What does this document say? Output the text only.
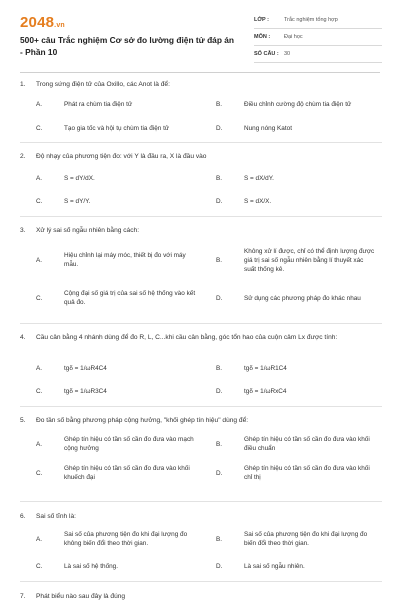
2048.vn
500+ câu Trắc nghiệm Cơ sở đo lường điện tử đáp án - Phần 10
LỚP :	Trắc nghiệm tổng hợp
MÔN :	Đại học
SỐ CÂU : 30
1. Trong sứng điện tử của Oxillo, các Anot là để:
A.	Phát ra chùm tia điện tử	B.	Điều chỉnh cường độ chùm tia điện tử
C.	Tạo gia tốc và hội tụ chùm tia điện tử	D.	Nung nóng Katot
2. Độ nhạy của phương tiện đo: với Y là đầu ra, X là đầu vào
A.	S = dY/dX.	B.	S = dX/dY.
C.	S = dY/Y.	D.	S = dX/X.
3. Xử lý sai số ngẫu nhiên bằng cách:
A.
Hiệu chỉnh lại máy móc, thiết bị đo với máy mẫu.
B.
Không xử lí được, chỉ có thể định lượng được giá trị sai số ngẫu nhiên bằng lí thuyết xác suất thống kê.
C.
Cộng đại số giá trị của sai số hệ thống vào kết quả đo.
D.	Sử dụng các phương pháp đo khác nhau
4. Cầu cân bằng 4 nhánh dùng để đo R, L, C...khi cầu cân bằng, góc tổn hao của cuộn cảm Lx được tính:
A.	tgδ = 1/ωR4C4	B.	tgδ = 1/ωR1C4
C.	tgδ = 1/ωR3C4	D.	tgδ = 1/ωRxC4
5. Đo tần số bằng phương pháp cộng hưởng, "khối ghép tín hiệu" dùng để:
A.
Ghép tín hiệu có tần số cần đo đưa vào mạch cộng hưởng
B.
Ghép tín hiệu có tần số cần đo đưa vào khối điều chuẩn
C.
Ghép tín hiệu có tần số cần đo đưa vào khối khuếch đại
D.
Ghép tín hiệu có tần số cần đo đưa vào khối chỉ thị
6. Sai số tĩnh là:
A.
Sai số của phương tiện đo khi đại lượng đo không biến đổi theo thời gian.
B.
Sai số của phương tiện đo khi đại lượng đo biến đổi theo thời gian.
C.	Là sai số hệ thống.	D.	Là sai số ngẫu nhiên.
7. Phát biểu nào sau đây là đúng
